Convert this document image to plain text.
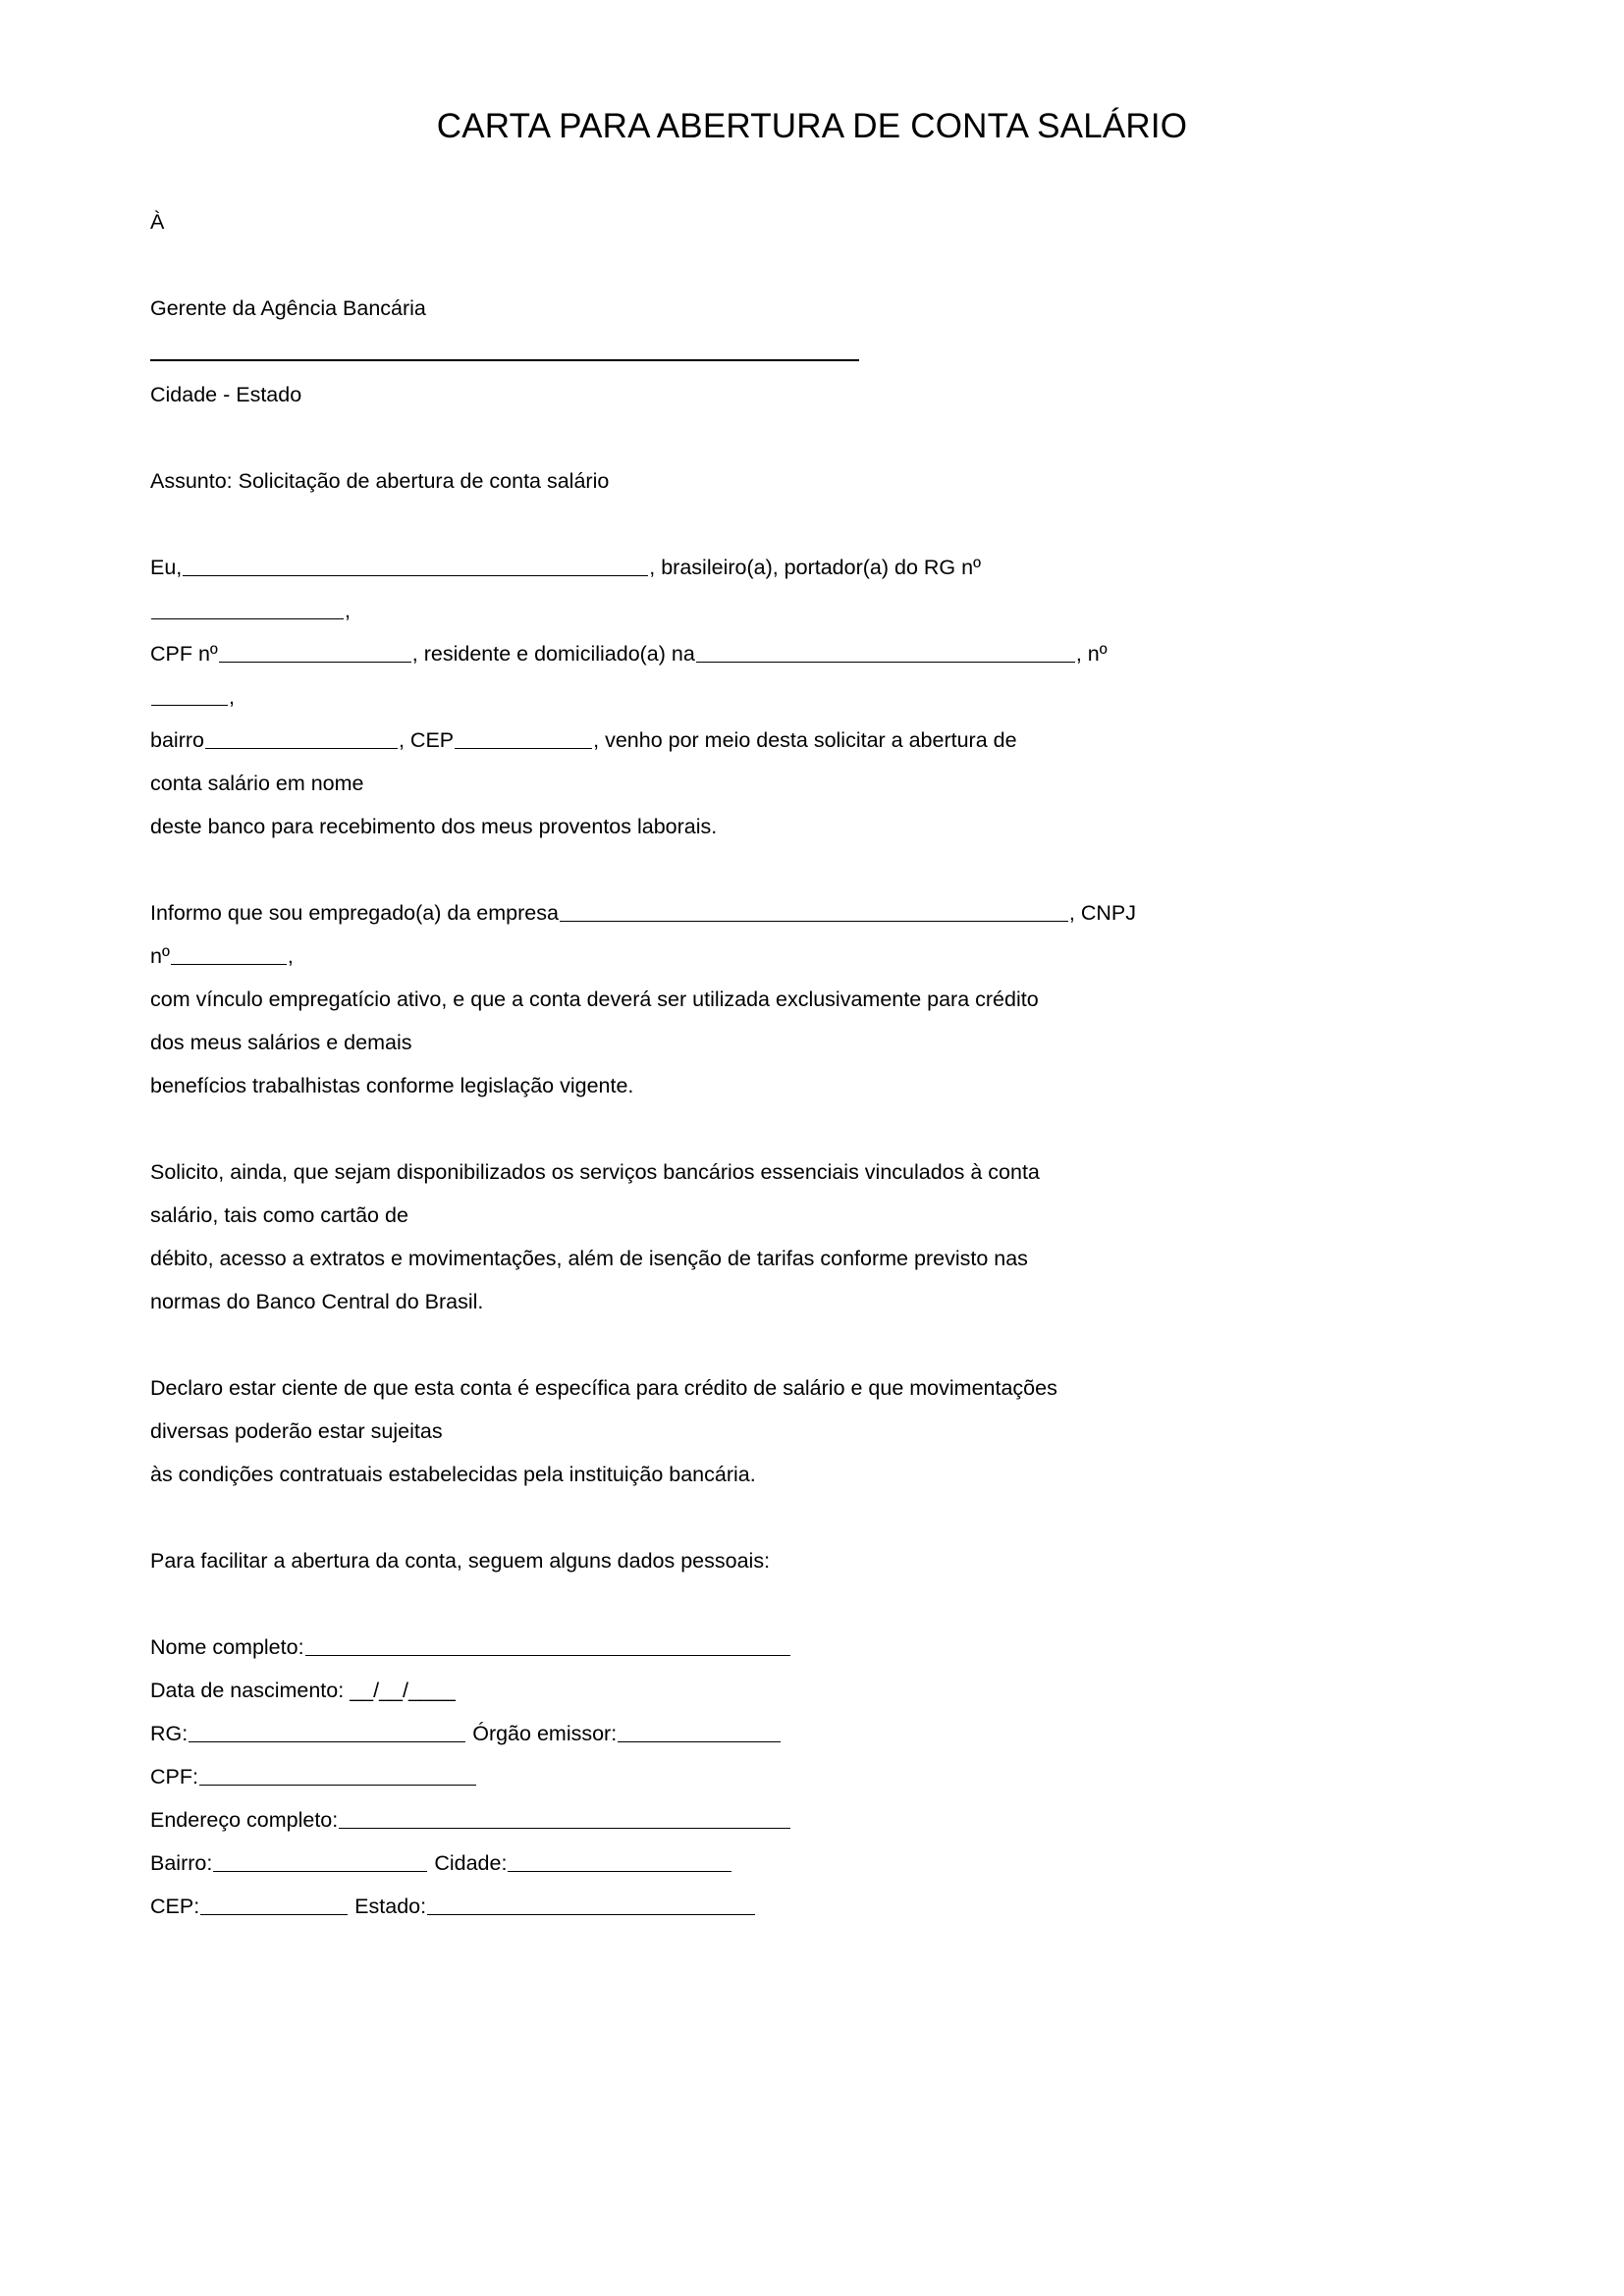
CARTA PARA ABERTURA DE CONTA SALÁRIO
À
Gerente da Agência Bancária
Cidade - Estado
Assunto: Solicitação de abertura de conta salário
Eu,	, brasileiro(a), portador(a) do RG nº
,
CPF nº	, residente e domiciliado(a) na	, nº
,
bairro	, CEP	, venho por meio desta solicitar a abertura de
conta salário em nome
deste banco para recebimento dos meus proventos laborais.
Informo que sou empregado(a) da empresa	, CNPJ
nº	,
com vínculo empregatício ativo, e que a conta deverá ser utilizada exclusivamente para crédito
dos meus salários e demais
benefícios trabalhistas conforme legislação vigente.
Solicito, ainda, que sejam disponibilizados os serviços bancários essenciais vinculados à conta
salário, tais como cartão de
débito, acesso a extratos e movimentações, além de isenção de tarifas conforme previsto nas
normas do Banco Central do Brasil.
Declaro estar ciente de que esta conta é específica para crédito de salário e que movimentações
diversas poderão estar sujeitas
às condições contratuais estabelecidas pela instituição bancária.
Para facilitar a abertura da conta, seguem alguns dados pessoais:
Nome completo:
Data de nascimento: __/__/____
RG:	Órgão emissor:
CPF:
Endereço completo:
Bairro:	Cidade:
CEP:	Estado:
